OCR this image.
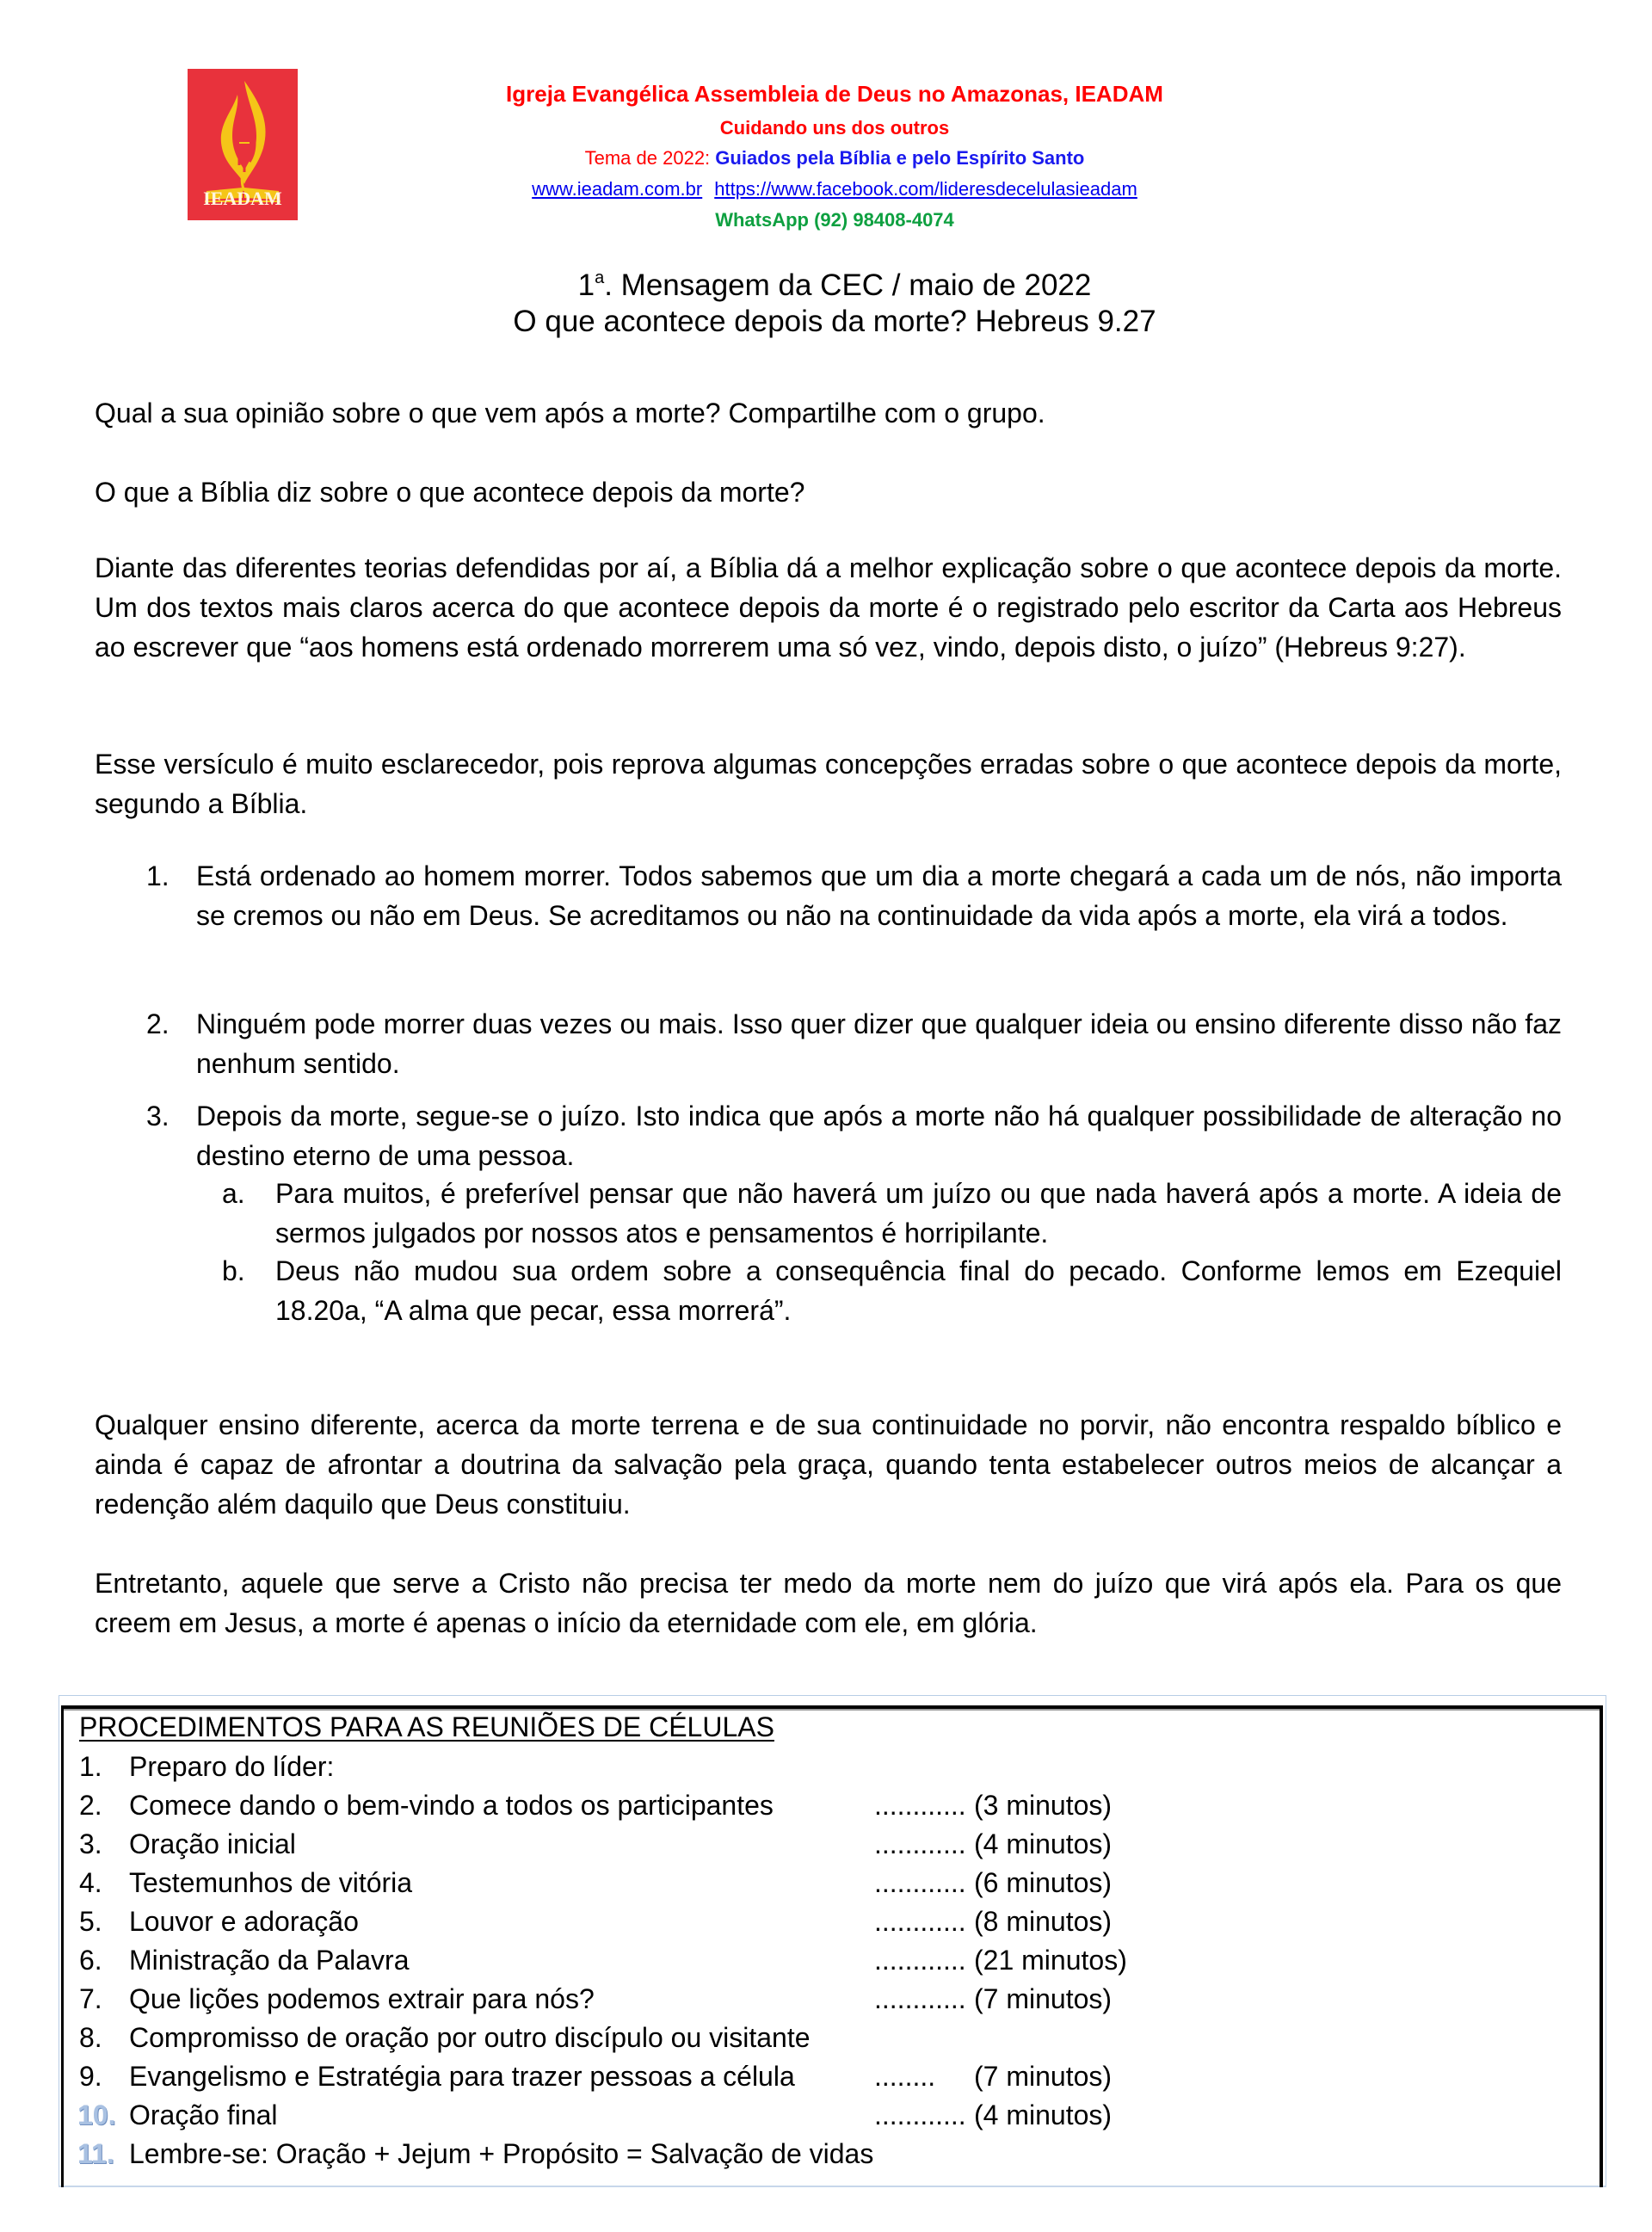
IEADAM
Igreja Evangélica Assembleia de Deus no Amazonas, IEADAM
Cuidando uns dos outros
Tema de 2022: Guiados pela Bíblia e pelo Espírito Santo
www.ieadam.com.br https://www.facebook.com/lideresdecelulasieadam
WhatsApp (92) 98408-4074
1$^a$. Mensagem da CEC / maio de 2022
O que acontece depois da morte? Hebreus 9.27
Qual a sua opinião sobre o que vem após a morte? Compartilhe com o grupo.
O que a Bíblia diz sobre o que acontece depois da morte?
Diante das diferentes teorias defendidas por aí, a Bíblia dá a melhor explicação sobre o que acontece depois da morte. Um dos textos mais claros acerca do que acontece depois da morte é o registrado pelo escritor da Carta aos Hebreus ao escrever que “aos homens está ordenado morrerem uma só vez, vindo, depois disto, o juízo” (Hebreus 9:27).
Esse versículo é muito esclarecedor, pois reprova algumas concepções erradas sobre o que acontece depois da morte, segundo a Bíblia.
1. Está ordenado ao homem morrer. Todos sabemos que um dia a morte chegará a cada um de nós, não importa se cremos ou não em Deus. Se acreditamos ou não na continuidade da vida após a morte, ela virá a todos.
2. Ninguém pode morrer duas vezes ou mais. Isso quer dizer que qualquer ideia ou ensino diferente disso não faz nenhum sentido.
3. Depois da morte, segue-se o juízo. Isto indica que após a morte não há qualquer possibilidade de alteração no destino eterno de uma pessoa.
a. Para muitos, é preferível pensar que não haverá um juízo ou que nada haverá após a morte. A ideia de sermos julgados por nossos atos e pensamentos é horripilante.
b. Deus não mudou sua ordem sobre a consequência final do pecado. Conforme lemos em Ezequiel 18.20a, “A alma que pecar, essa morrerá”.
Qualquer ensino diferente, acerca da morte terrena e de sua continuidade no porvir, não encontra respaldo bíblico e ainda é capaz de afrontar a doutrina da salvação pela graça, quando tenta estabelecer outros meios de alcançar a redenção além daquilo que Deus constituiu.
Entretanto, aquele que serve a Cristo não precisa ter medo da morte nem do juízo que virá após ela. Para os que creem em Jesus, a morte é apenas o início da eternidade com ele, em glória.
PROCEDIMENTOS PARA AS REUNIÕES DE CÉLULAS
1. Preparo do líder:
2. Comece dando o bem-vindo a todos os participantes	............ (3 minutos)
3. Oração inicial	............ (4 minutos)
4. Testemunhos de vitória	............ (6 minutos)
5. Louvor e adoração	............ (8 minutos)
6. Ministração da Palavra	............ (21 minutos)
7. Que lições podemos extrair para nós?	............ (7 minutos)
8. Compromisso de oração por outro discípulo ou visitante
9. Evangelismo e Estratégia para trazer pessoas a célula	........ (7 minutos)
10. Oração final	............ (4 minutos)
11. Lembre-se: Oração + Jejum + Propósito = Salvação de vidas
